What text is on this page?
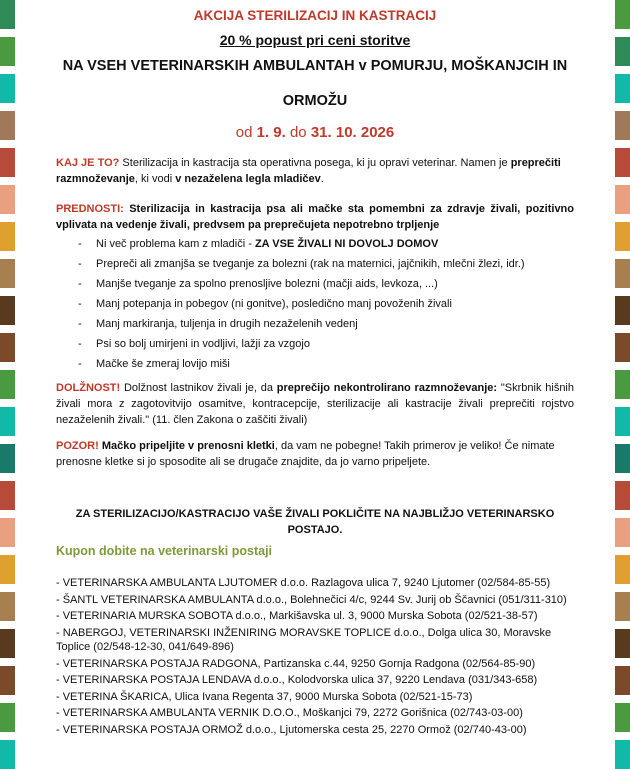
AKCIJA STERILIZACIJ IN KASTRACIJ
20 % popust pri ceni storitve
NA VSEH VETERINARSKIH AMBULANTAH v POMURJU, MOŠKANJCIH IN
ORMOŽU
od 1. 9. do 31. 10. 2026

KAJ JE TO? Sterilizacija in kastracija sta operativna posega, ki ju opravi veterinar. Namen je preprečiti razmnoževanje, ki vodi v nezaželena legla mladičev.

PREDNOSTI: Sterilizacija in kastracija psa ali mačke sta pomembni za zdravje živali, pozitivno vplivata na vedenje živali, predvsem pa preprečujeta nepotrebno trpljenje

- Ni več problema kam z mladiči - ZA VSE ŽIVALI NI DOVOLJ DOMOV
- Prepreči ali zmanjša se tveganje za bolezni (rak na maternici, jajčnikih, mlečni žlezi, idr.)
- Manjše tveganje za spolno prenosljive bolezni (mačji aids, levkoza, ...)
- Manj potepanja in pobegov (ni gonitve), posledično manj povoženih živali
- Manj markiranja, tuljenja in drugih nezaželenih vedenj
- Psi so bolj umirjeni in vodljivi, lažji za vzgojo
- Mačke še zmeraj lovijo miši

DOLŽNOST! Dolžnost lastnikov živali je, da preprečijo nekontrolirano razmnoževanje: "Skrbnik hišnih živali mora z zagotovitvijo osamitve, kontracepcije, sterilizacije ali kastracije živali preprečiti rojstvo nezaželenih živali." (11. člen Zakona o zaščiti živali)

POZOR! Mačko pripeljite v prenosni kletki, da vam ne pobegne! Takih primerov je veliko! Če nimate prenosne kletke si jo sposodite ali se drugače znajdite, da jo varno pripeljete.

ZA STERILIZACIJO/KASTRACIJO VAŠE ŽIVALI POKLIČITE NA NAJBLIŽJO VETERINARSKO POSTAJO.
Kupon dobite na veterinarski postaji
- VETERINARSKA AMBULANTA LJUTOMER d.o.o. Razlagova ulica 7, 9240 Ljutomer (02/584-85-55)
- ŠANTL VETERINARSKA AMBULANTA d.o.o., Bolehnečici 4/c, 9244 Sv. Jurij ob Ščavnici (051/311-310)
- VETERINARIA MURSKA SOBOTA d.o.o., Markišavska ul. 3, 9000 Murska Sobota (02/521-38-57)
- NABERGOJ, VETERINARSKI INŽENIRING MORAVSKE TOPLICE d.o.o., Dolga ulica 30, Moravske Toplice (02/548-12-30, 041/649-896)
- VETERINARSKA POSTAJA RADGONA, Partizanska c.44, 9250 Gornja Radgona (02/564-85-90)
- VETERINARSKA POSTAJA LENDAVA d.o.o., Kolodvorska ulica 37, 9220 Lendava (031/343-658)
- VETERINA ŠKARICA, Ulica Ivana Regenta 37, 9000 Murska Sobota (02/521-15-73)
- VETERINARSKA AMBULANTA VERNIK D.O.O., Moškanjci 79, 2272 Gorišnica (02/743-03-00)
- VETERINARSKA POSTAJA ORMOŽ d.o.o., Ljutomerska cesta 25, 2270 Ormož (02/740-43-00)
